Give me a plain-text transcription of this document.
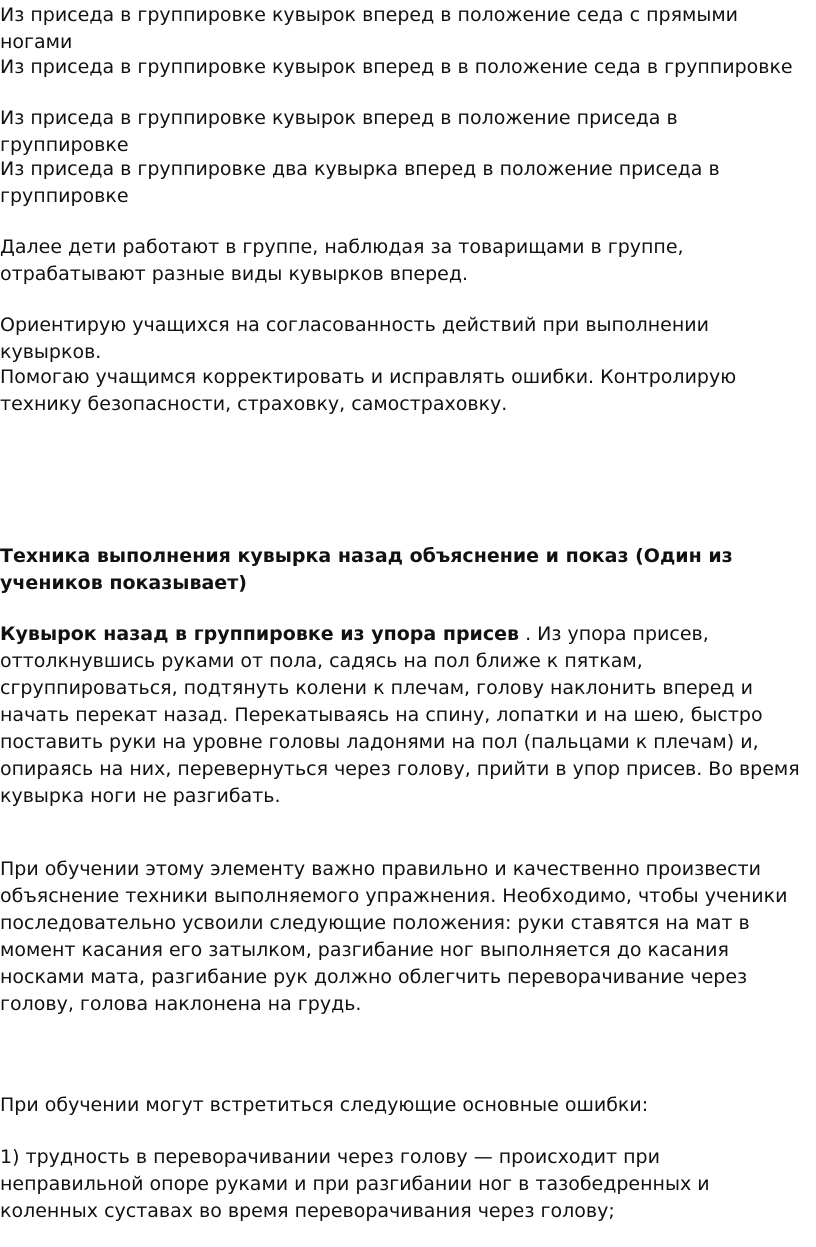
Из приседа в группировке кувырок вперед в положение седа с прямыми ногами

Из приседа в группировке кувырок вперед в в положение седа в группировке

Из приседа в группировке кувырок вперед в положение приседа в группировке

Из приседа в группировке два кувырка вперед в положение приседа в группировке

Далее дети работают в группе, наблюдая за товарищами в группе, отрабатывают разные виды кувырков вперед.

Ориентирую учащихся на согласованность действий при выполнении кувырков.

Помогаю учащимся корректировать и исправлять ошибки. Контролирую технику безопасности, страховку, самостраховку.

Техника выполнения кувырка назад объяснение и показ (Один из учеников показывает)

Кувырок назад в группировке из упора присев . Из упора присев, оттолкнувшись руками от пола, садясь на пол ближе к пяткам, сгруппироваться, подтянуть колени к плечам, голову наклонить вперед и начать перекат назад. Перекатываясь на спину, лопатки и на шею, быстро поставить руки на уровне головы ладонями на пол (пальцами к плечам) и, опираясь на них, перевернуться через голову, прийти в упор присев. Во время кувырка ноги не разгибать.

При обучении этому элементу важно правильно и качественно произвести объяснение техники выполняемого упражнения. Необходимо, чтобы ученики последовательно усвоили следующие положения: руки ставятся на мат в момент касания его затылком, разгибание ног выполняется до касания носками мата, разгибание рук должно облегчить переворачивание через голову, голова наклонена на грудь.

При обучении могут встретиться следующие основные ошибки:

1) трудность в переворачивании через голову — происходит при неправильной опоре руками и при разгибании ног в тазобедренных и коленных суставах во время переворачивания через голову;
